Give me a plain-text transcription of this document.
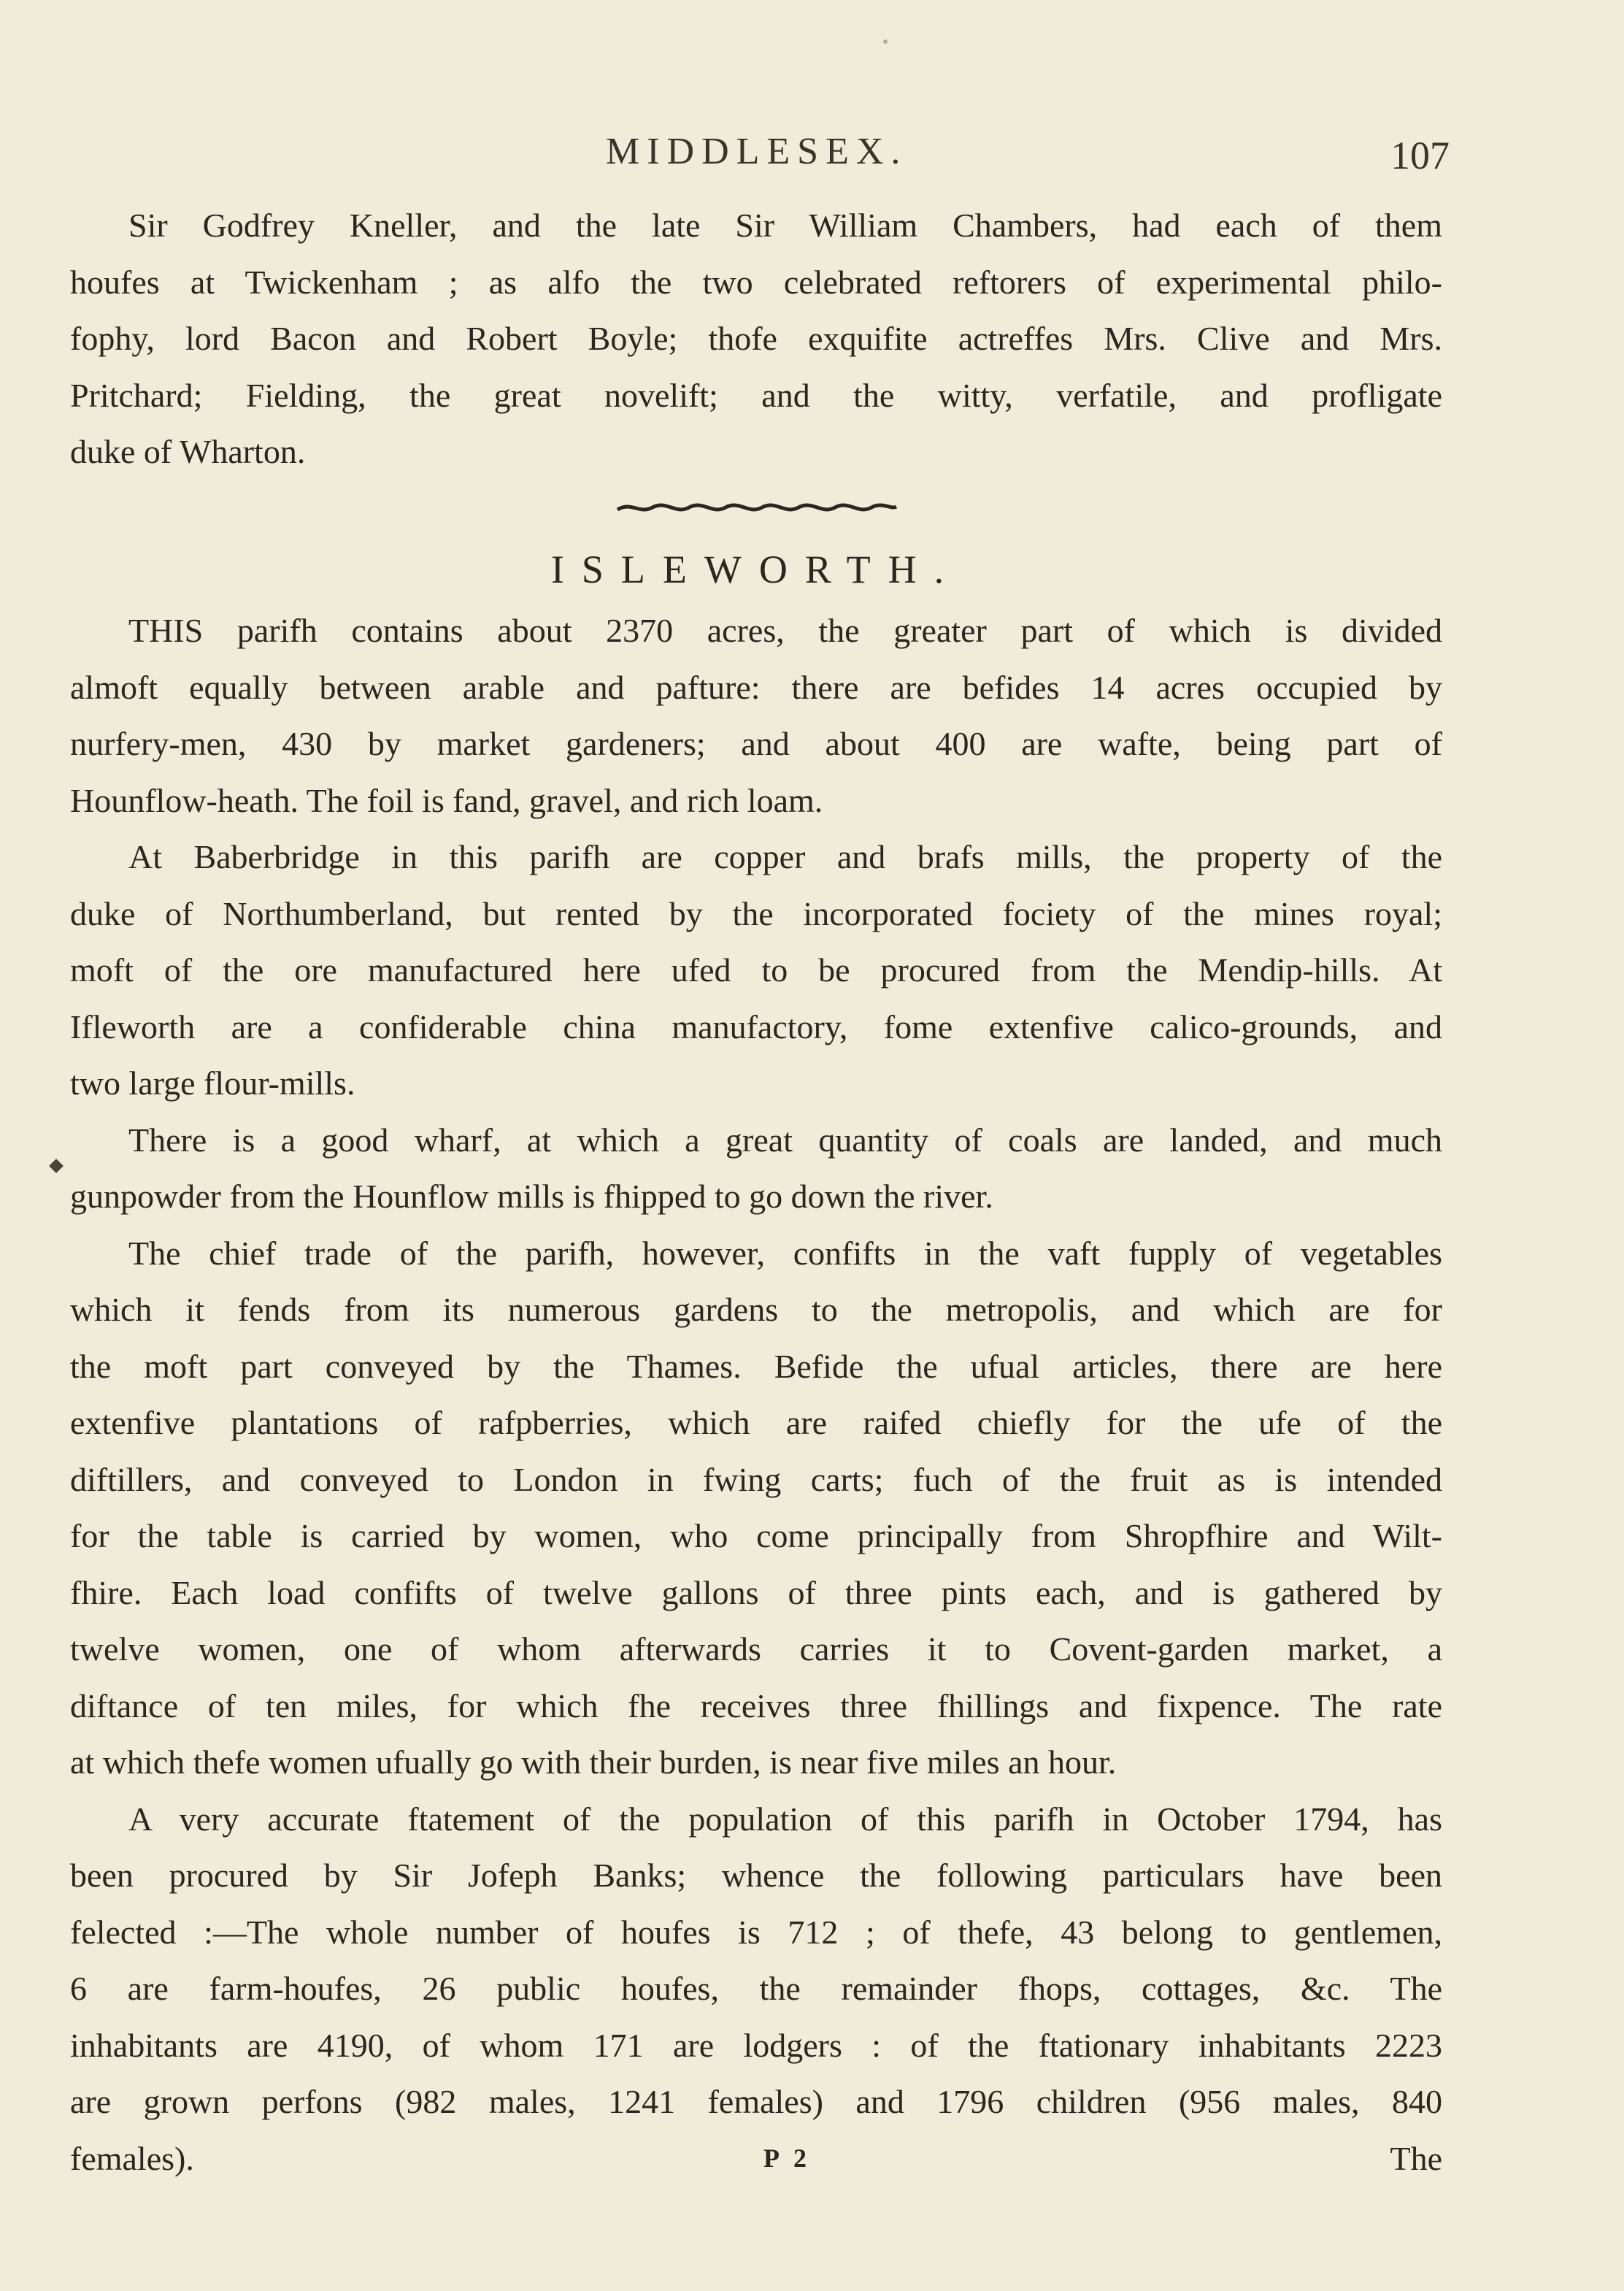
MIDDLESEX.	107
Sir Godfrey Kneller, and the late Sir William Chambers, had each of them
houfes at Twickenham ; as alfo the two celebrated reftorers of experimental philo-
fophy, lord Bacon and Robert Boyle; thofe exquifite actreffes Mrs. Clive and Mrs.
Pritchard; Fielding, the great novelift; and the witty, verfatile, and profligate
duke of Wharton.
ISLEWORTH.
THIS parifh contains about 2370 acres, the greater part of which is divided
almoft equally between arable and pafture: there are befides 14 acres occupied by
nurfery-men, 430 by market gardeners; and about 400 are wafte, being part of
Hounflow-heath. The foil is fand, gravel, and rich loam.
At Baberbridge in this parifh are copper and brafs mills, the property of the
duke of Northumberland, but rented by the incorporated fociety of the mines royal;
moft of the ore manufactured here ufed to be procured from the Mendip-hills. At
Ifleworth are a confiderable china manufactory, fome extenfive calico-grounds, and
two large flour-mills.
There is a good wharf, at which a great quantity of coals are landed, and much
gunpowder from the Hounflow mills is fhipped to go down the river.
The chief trade of the parifh, however, confifts in the vaft fupply of vegetables
which it fends from its numerous gardens to the metropolis, and which are for
the moft part conveyed by the Thames. Befide the ufual articles, there are here
extenfive plantations of rafpberries, which are raifed chiefly for the ufe of the
diftillers, and conveyed to London in fwing carts; fuch of the fruit as is intended
for the table is carried by women, who come principally from Shropfhire and Wilt-
fhire. Each load confifts of twelve gallons of three pints each, and is gathered by
twelve women, one of whom afterwards carries it to Covent-garden market, a
diftance of ten miles, for which fhe receives three fhillings and fixpence. The rate
at which thefe women ufually go with their burden, is near five miles an hour.
A very accurate ftatement of the population of this parifh in October 1794, has
been procured by Sir Jofeph Banks; whence the following particulars have been
felected :—The whole number of houfes is 712 ; of thefe, 43 belong to gentlemen,
6 are farm-houfes, 26 public houfes, the remainder fhops, cottages, &c. The
inhabitants are 4190, of whom 171 are lodgers : of the ftationary inhabitants 2223
are grown perfons (982 males, 1241 females) and 1796 children (956 males, 840
females).	P 2	The
